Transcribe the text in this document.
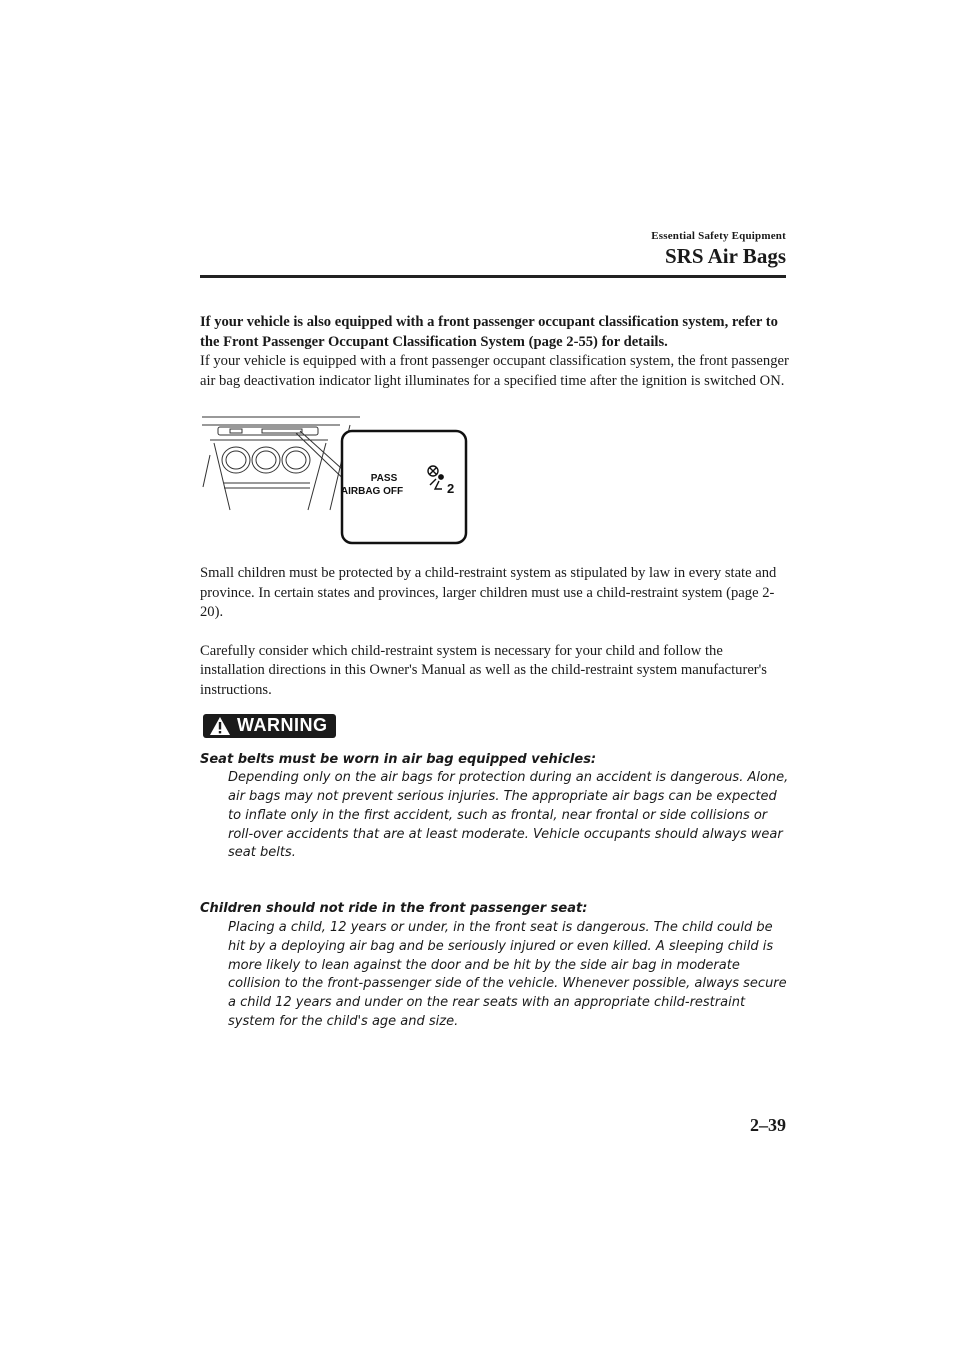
Essential Safety Equipment
SRS Air Bags

If your vehicle is also equipped with a front passenger occupant classification system, refer to the Front Passenger Occupant Classification System (page 2-55) for details.

If your vehicle is equipped with a front passenger occupant classification system, the front passenger air bag deactivation indicator light illuminates for a specified time after the ignition is switched ON.

PASS
AIRBAG OFF	2

Small children must be protected by a child-restraint system as stipulated by law in every state and province. In certain states and provinces, larger children must use a child-restraint system (page 2-20).

Carefully consider which child-restraint system is necessary for your child and follow the installation directions in this Owner's Manual as well as the child-restraint system manufacturer's instructions.

WARNING
Seat belts must be worn in air bag equipped vehicles:
Depending only on the air bags for protection during an accident is dangerous. Alone, air bags may not prevent serious injuries. The appropriate air bags can be expected to inflate only in the first accident, such as frontal, near frontal or side collisions or roll-over accidents that are at least moderate. Vehicle occupants should always wear seat belts.
Children should not ride in the front passenger seat:
Placing a child, 12 years or under, in the front seat is dangerous. The child could be hit by a deploying air bag and be seriously injured or even killed. A sleeping child is more likely to lean against the door and be hit by the side air bag in moderate collision to the front-passenger side of the vehicle. Whenever possible, always secure a child 12 years and under on the rear seats with an appropriate child-restraint system for the child's age and size.
2–39
